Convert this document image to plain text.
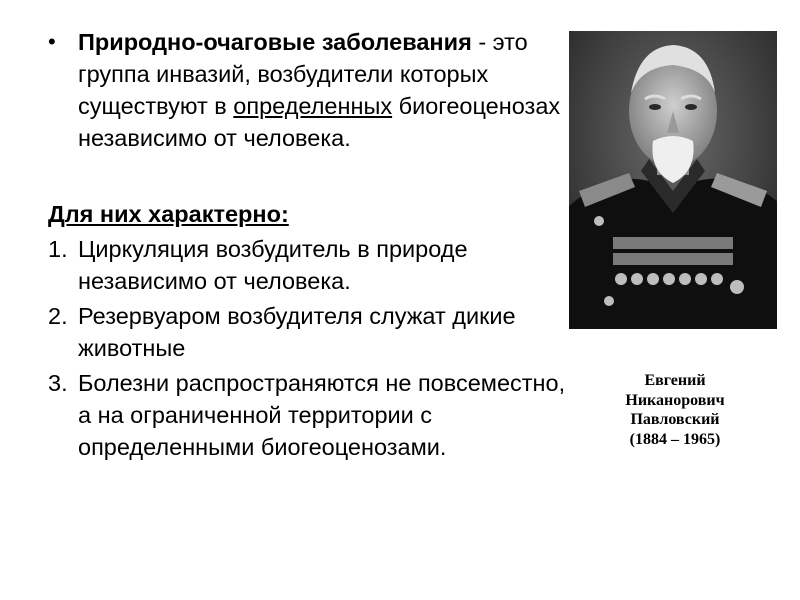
• Природно-очаговые заболевания - это группа инвазий, возбудители которых существуют в определенных биогеоценозах независимо от человека.
Для них характерно:
1. Циркуляция возбудитель в природе независимо от человека.
2. Резервуаром возбудителя служат дикие животные
3. Болезни распространяются не повсеместно, а на ограниченной территории с определенными биогеоценозами.
Евгений
Никанорович
Павловский
(1884 – 1965)
